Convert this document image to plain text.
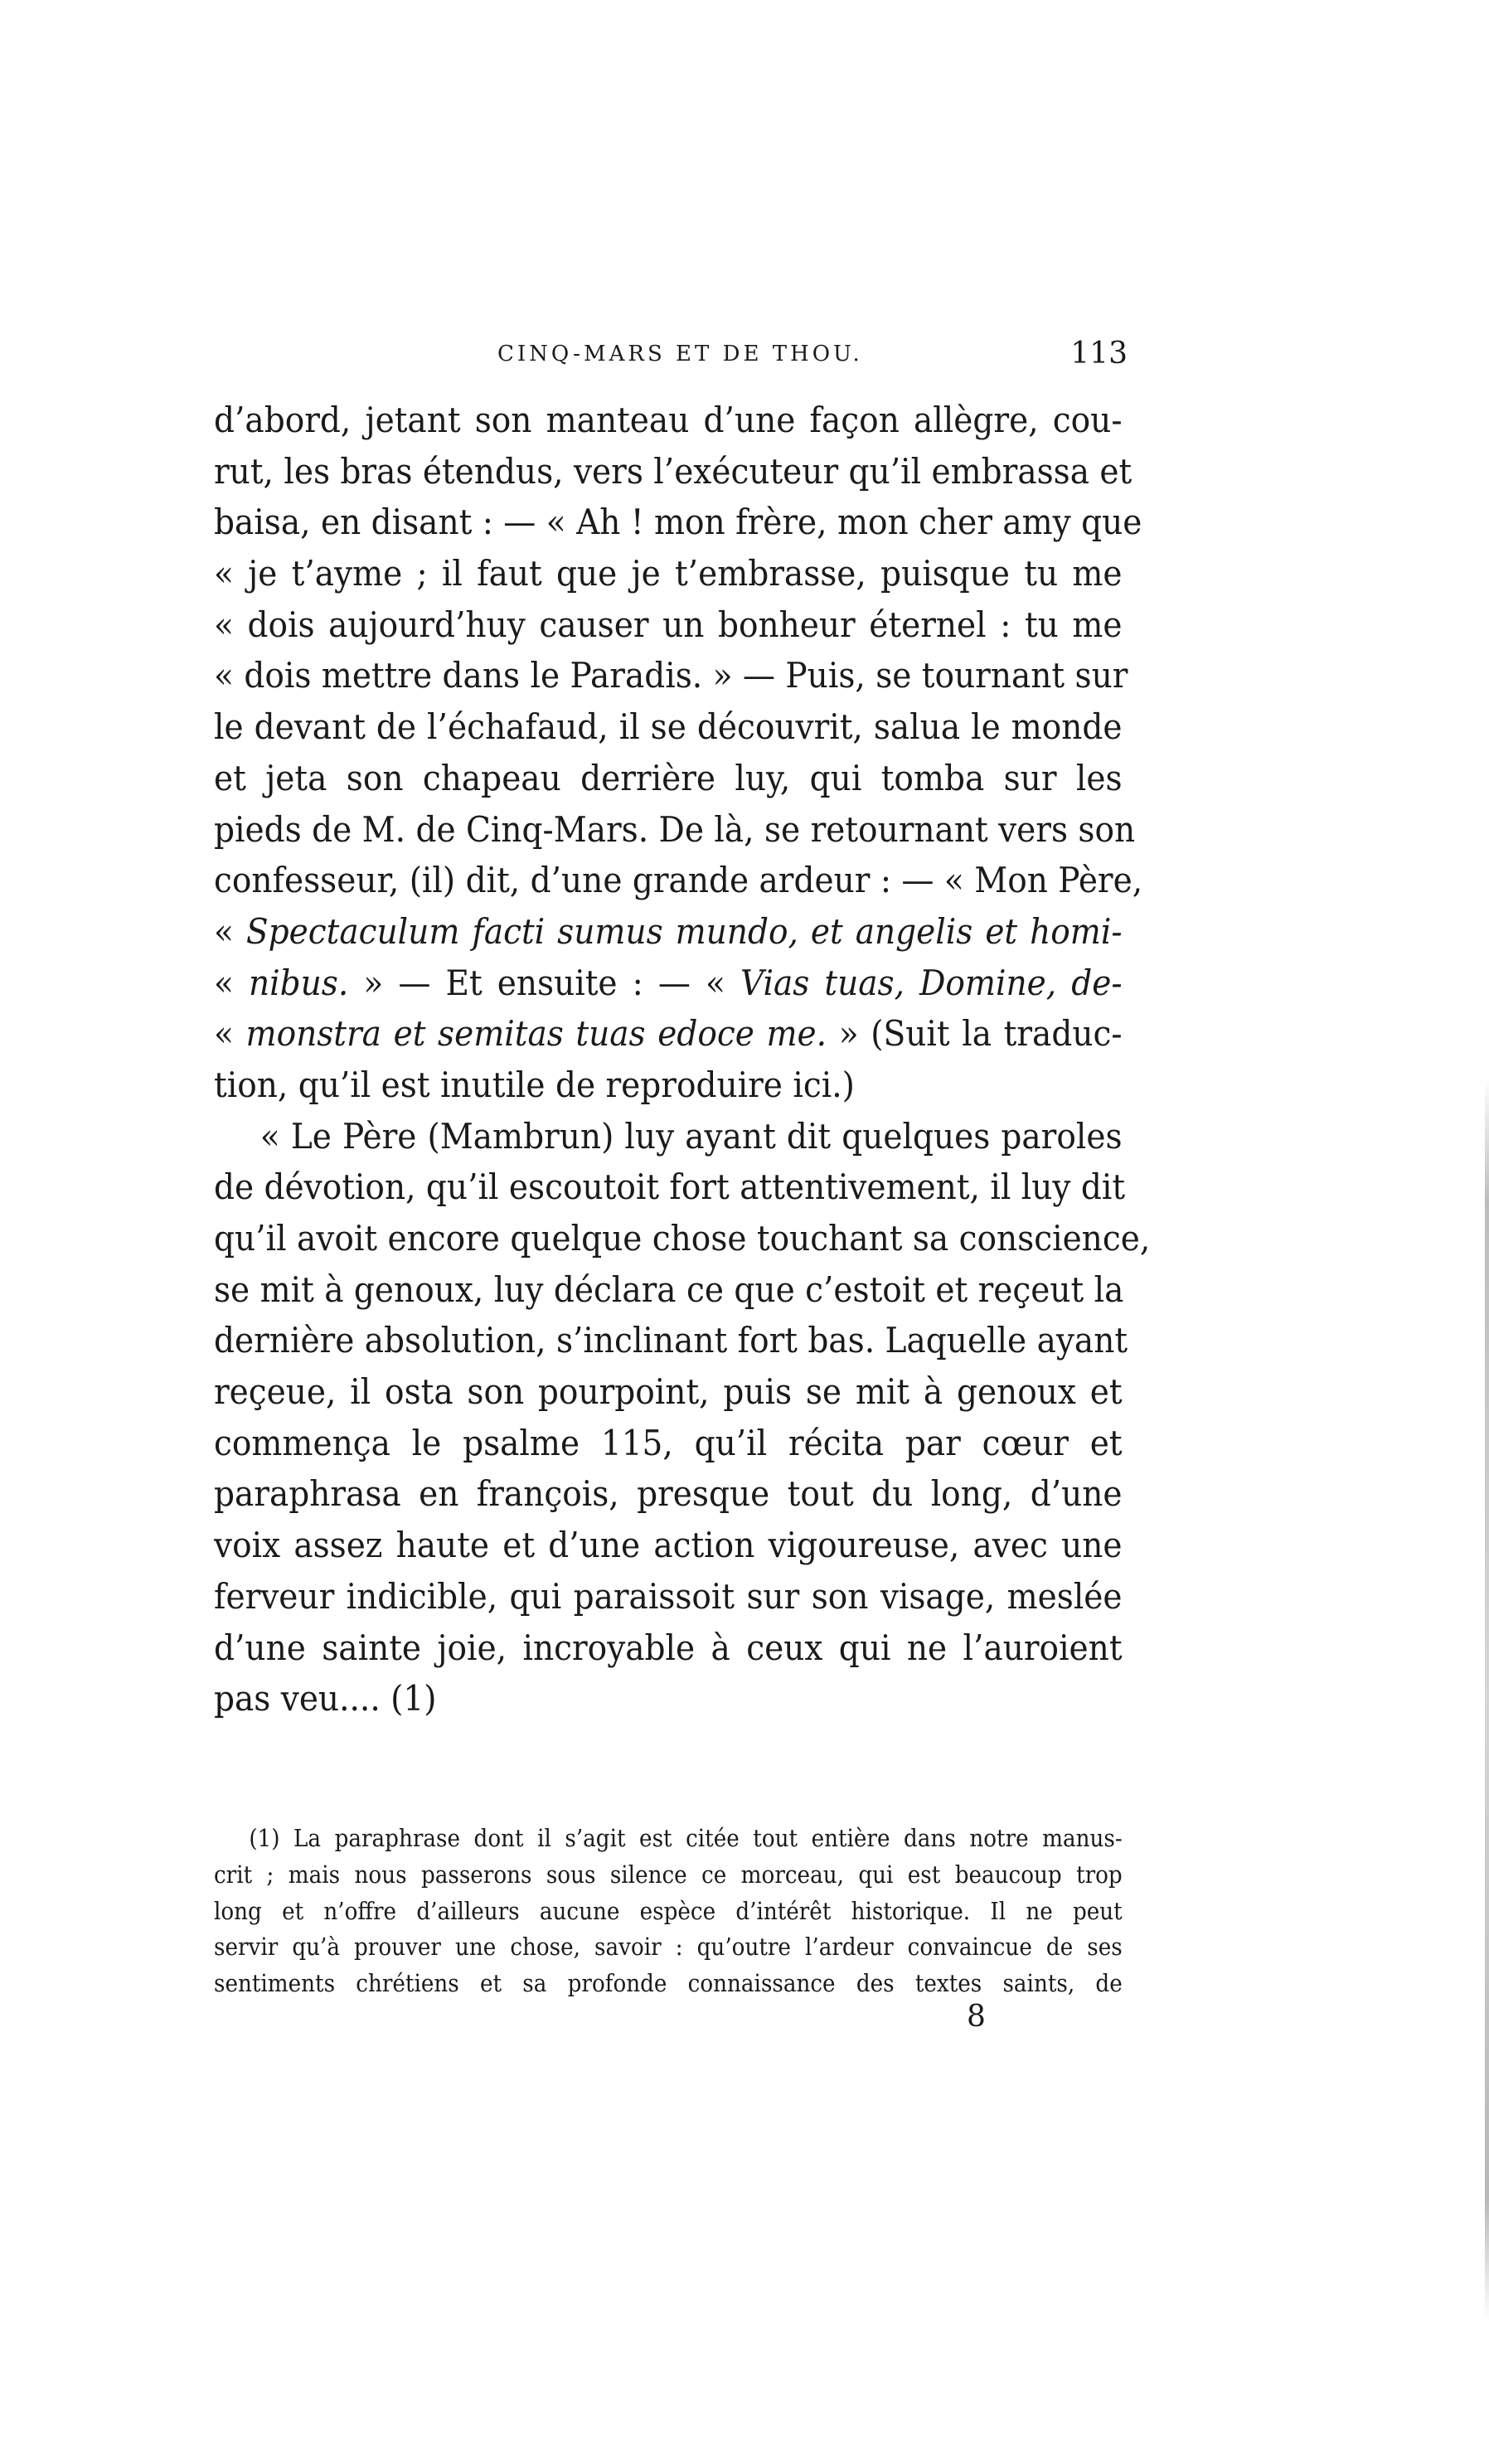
CINQ-MARS ET DE THOU.	113
d’abord, jetant son manteau d’une façon allègre, cou-
rut, les bras étendus, vers l’exécuteur qu’il embrassa et
baisa, en disant : — « Ah ! mon frère, mon cher amy que
« je t’ayme ; il faut que je t’embrasse, puisque tu me
« dois aujourd’huy causer un bonheur éternel : tu me
« dois mettre dans le Paradis. » — Puis, se tournant sur
le devant de l’échafaud, il se découvrit, salua le monde
et jeta son chapeau derrière luy, qui tomba sur les
pieds de M. de Cinq-Mars. De là, se retournant vers son
confesseur, (il) dit, d’une grande ardeur : — « Mon Père,
« Spectaculum facti sumus mundo, et angelis et homi-
« nibus. » — Et ensuite : — « Vias tuas, Domine, de-
« monstra et semitas tuas edoce me. » (Suit la traduc-
tion, qu’il est inutile de reproduire ici.)
« Le Père (Mambrun) luy ayant dit quelques paroles
de dévotion, qu’il escoutoit fort attentivement, il luy dit
qu’il avoit encore quelque chose touchant sa conscience,
se mit à genoux, luy déclara ce que c’estoit et reçeut la
dernière absolution, s’inclinant fort bas. Laquelle ayant
reçeue, il osta son pourpoint, puis se mit à genoux et
commença le psalme 115, qu’il récita par cœur et
paraphrasa en françois, presque tout du long, d’une
voix assez haute et d’une action vigoureuse, avec une
ferveur indicible, qui paraissoit sur son visage, meslée
d’une sainte joie, incroyable à ceux qui ne l’auroient
pas veu.... (1)
(1) La paraphrase dont il s’agit est citée tout entière dans notre manus-
crit ; mais nous passerons sous silence ce morceau, qui est beaucoup trop
long et n’offre d’ailleurs aucune espèce d’intérêt historique. Il ne peut
servir qu’à prouver une chose, savoir : qu’outre l’ardeur convaincue de ses
sentiments chrétiens et sa profonde connaissance des textes saints, de
8
